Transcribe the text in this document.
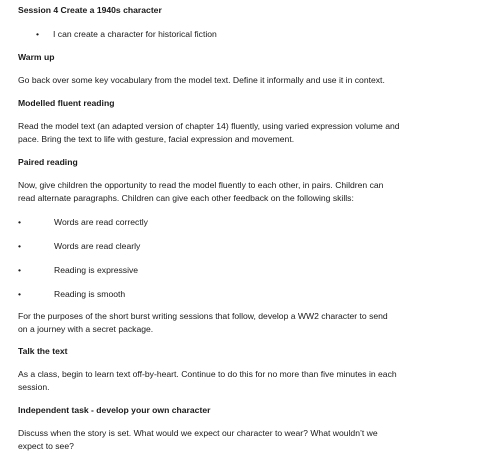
Session 4 Create a 1940s character
•	I can create a character for historical fiction
Warm up
Go back over some key vocabulary from the model text. Define it informally and use it in context.
Modelled fluent reading
Read the model text (an adapted version of chapter 14) fluently, using varied expression volume and
pace. Bring the text to life with gesture, facial expression and movement.
Paired reading
Now, give children the opportunity to read the model fluently to each other, in pairs. Children can
read alternate paragraphs. Children can give each other feedback on the following skills:
•	Words are read correctly
•	Words are read clearly
•	Reading is expressive
•	Reading is smooth
For the purposes of the short burst writing sessions that follow, develop a WW2 character to send
on a journey with a secret package.
Talk the text
As a class, begin to learn text off-by-heart. Continue to do this for no more than five minutes in each
session.
Independent task - develop your own character
Discuss when the story is set. What would we expect our character to wear? What wouldn’t we
expect to see?
